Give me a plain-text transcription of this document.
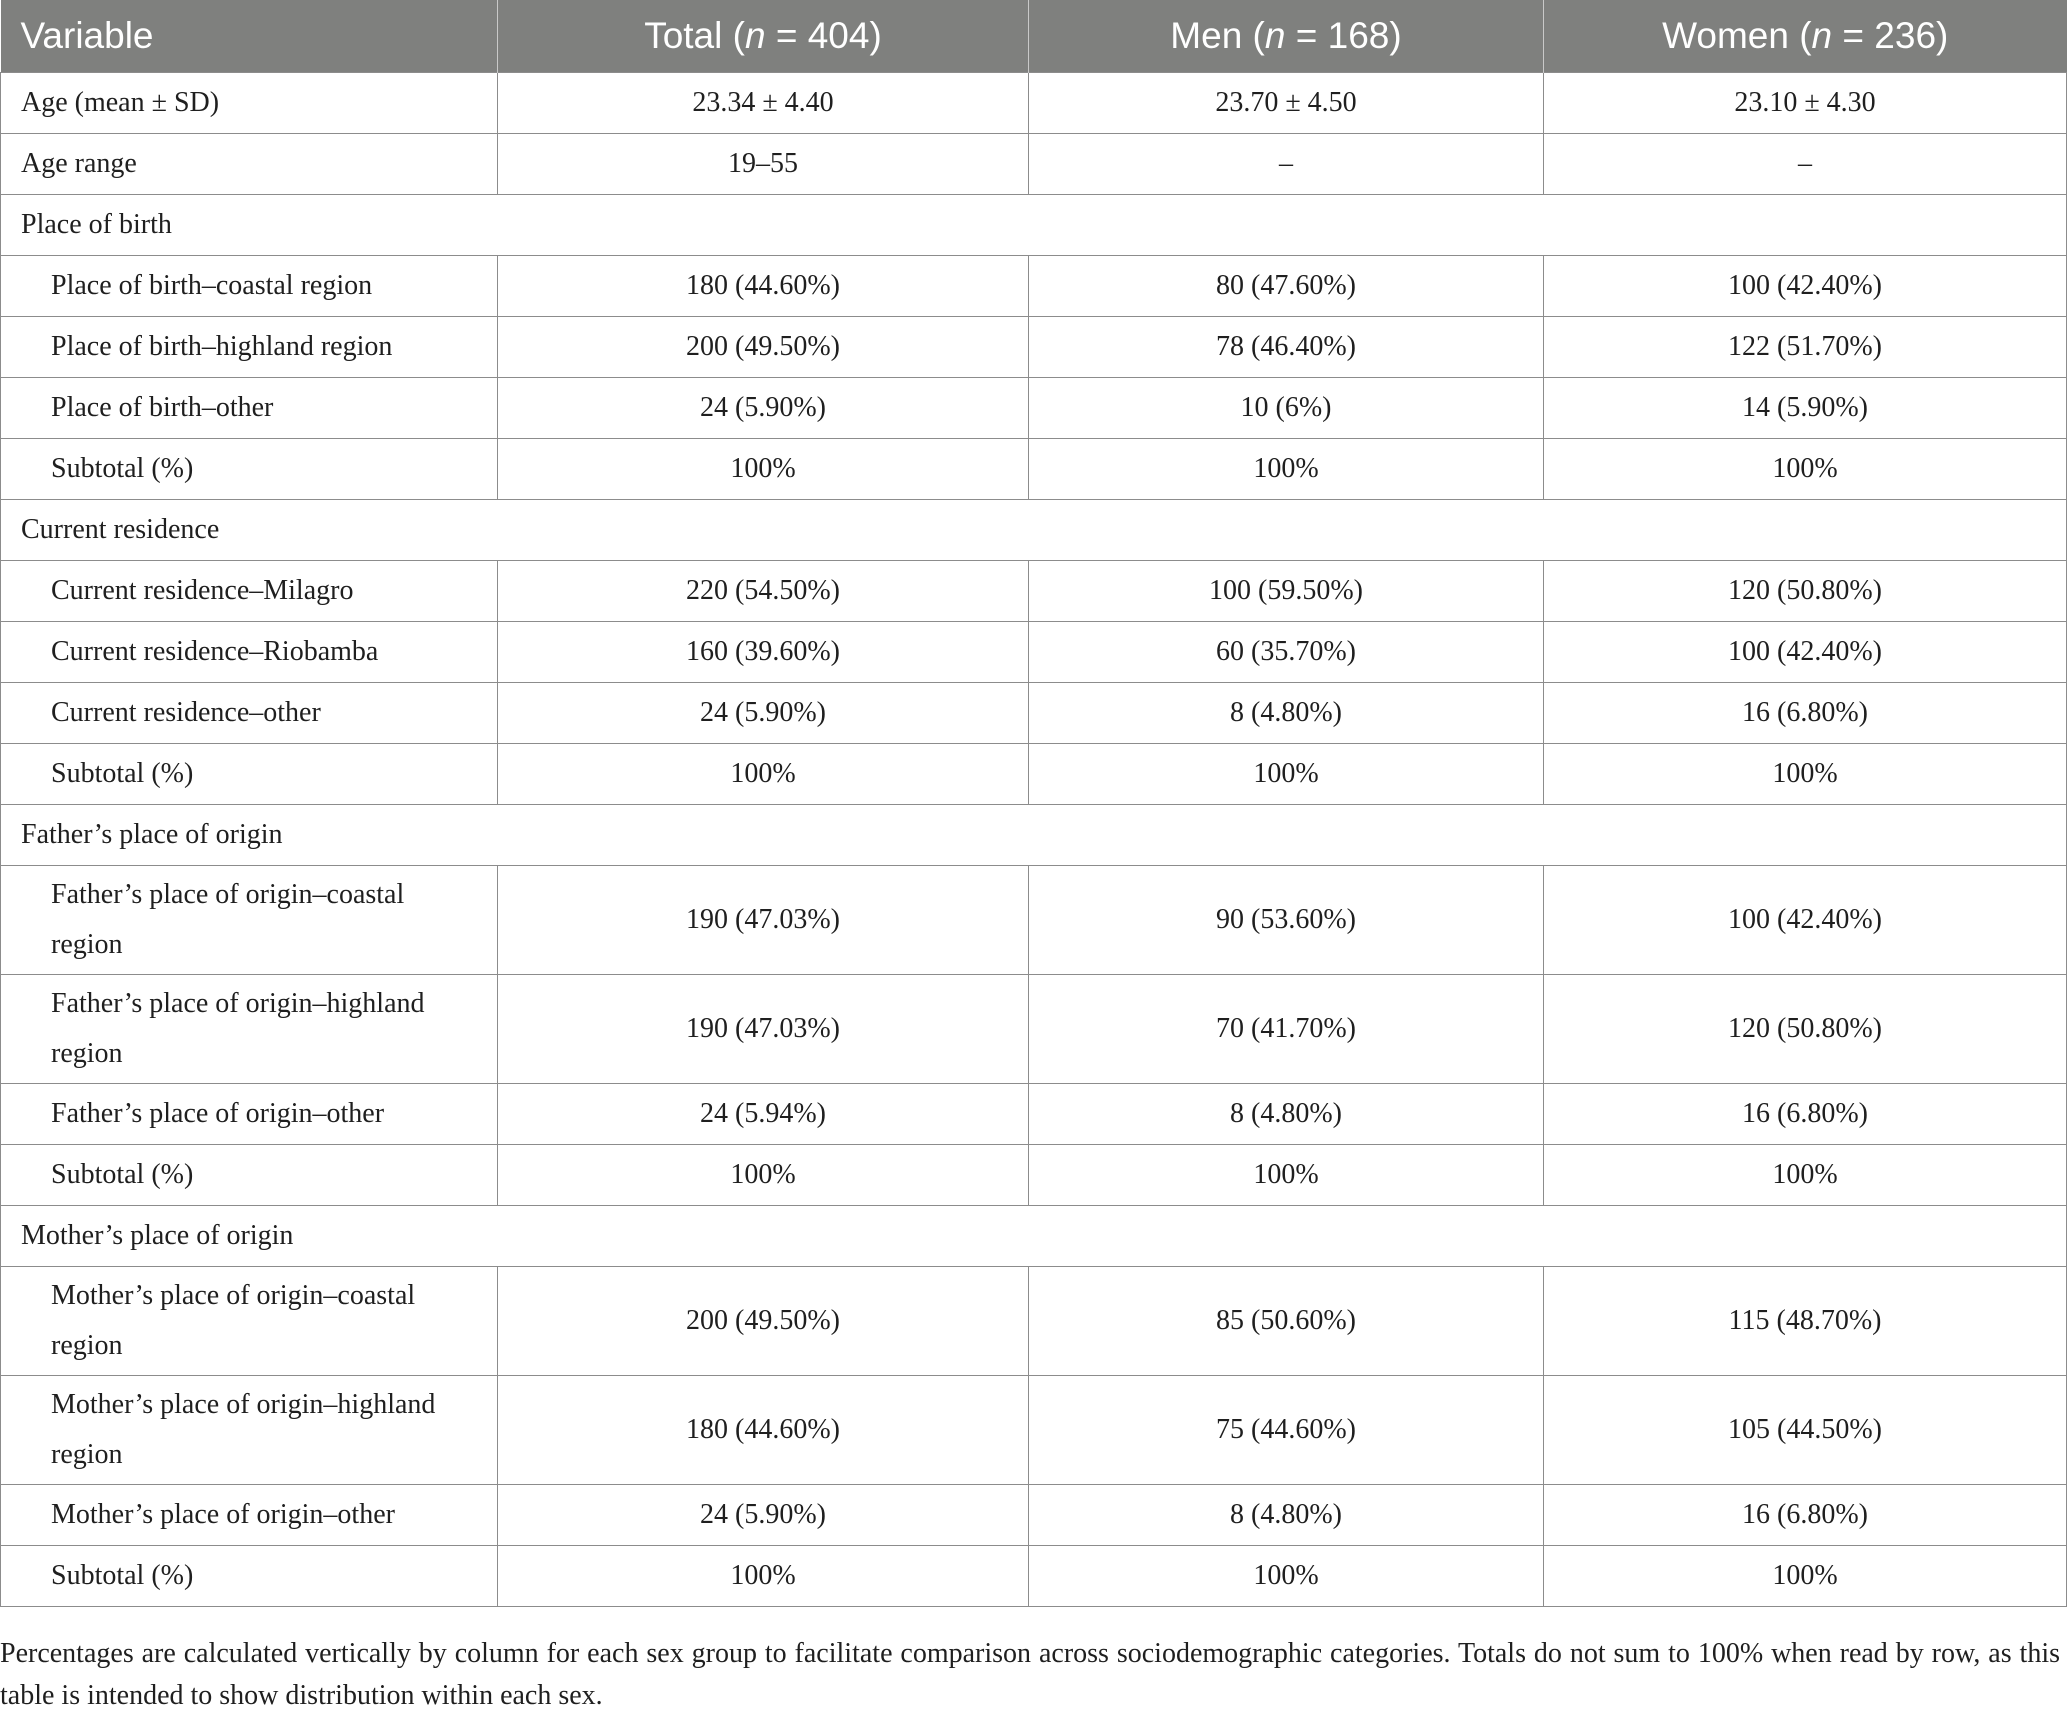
Variable	Total (n = 404)	Men (n = 168)	Women (n = 236)
Age (mean ± SD)	23.34 ± 4.40	23.70 ± 4.50	23.10 ± 4.30
Age range	19–55	–	–
Place of birth			
Place of birth–coastal region	180 (44.60%)	80 (47.60%)	100 (42.40%)
Place of birth–highland region	200 (49.50%)	78 (46.40%)	122 (51.70%)
Place of birth–other	24 (5.90%)	10 (6%)	14 (5.90%)
Subtotal (%)	100%	100%	100%
Current residence			
Current residence–Milagro	220 (54.50%)	100 (59.50%)	120 (50.80%)
Current residence–Riobamba	160 (39.60%)	60 (35.70%)	100 (42.40%)
Current residence–other	24 (5.90%)	8 (4.80%)	16 (6.80%)
Subtotal (%)	100%	100%	100%
Father’s place of origin			
Father’s place of origin–coastal region	190 (47.03%)	90 (53.60%)	100 (42.40%)
Father’s place of origin–highland region	190 (47.03%)	70 (41.70%)	120 (50.80%)
Father’s place of origin–other	24 (5.94%)	8 (4.80%)	16 (6.80%)
Subtotal (%)	100%	100%	100%
Mother’s place of origin			
Mother’s place of origin–coastal region	200 (49.50%)	85 (50.60%)	115 (48.70%)
Mother’s place of origin–highland region	180 (44.60%)	75 (44.60%)	105 (44.50%)
Mother’s place of origin–other	24 (5.90%)	8 (4.80%)	16 (6.80%)
Subtotal (%)	100%	100%	100%

Percentages are calculated vertically by column for each sex group to facilitate comparison across sociodemographic categories. Totals do not sum to 100% when read by row, as this table is intended to show distribution within each sex.
